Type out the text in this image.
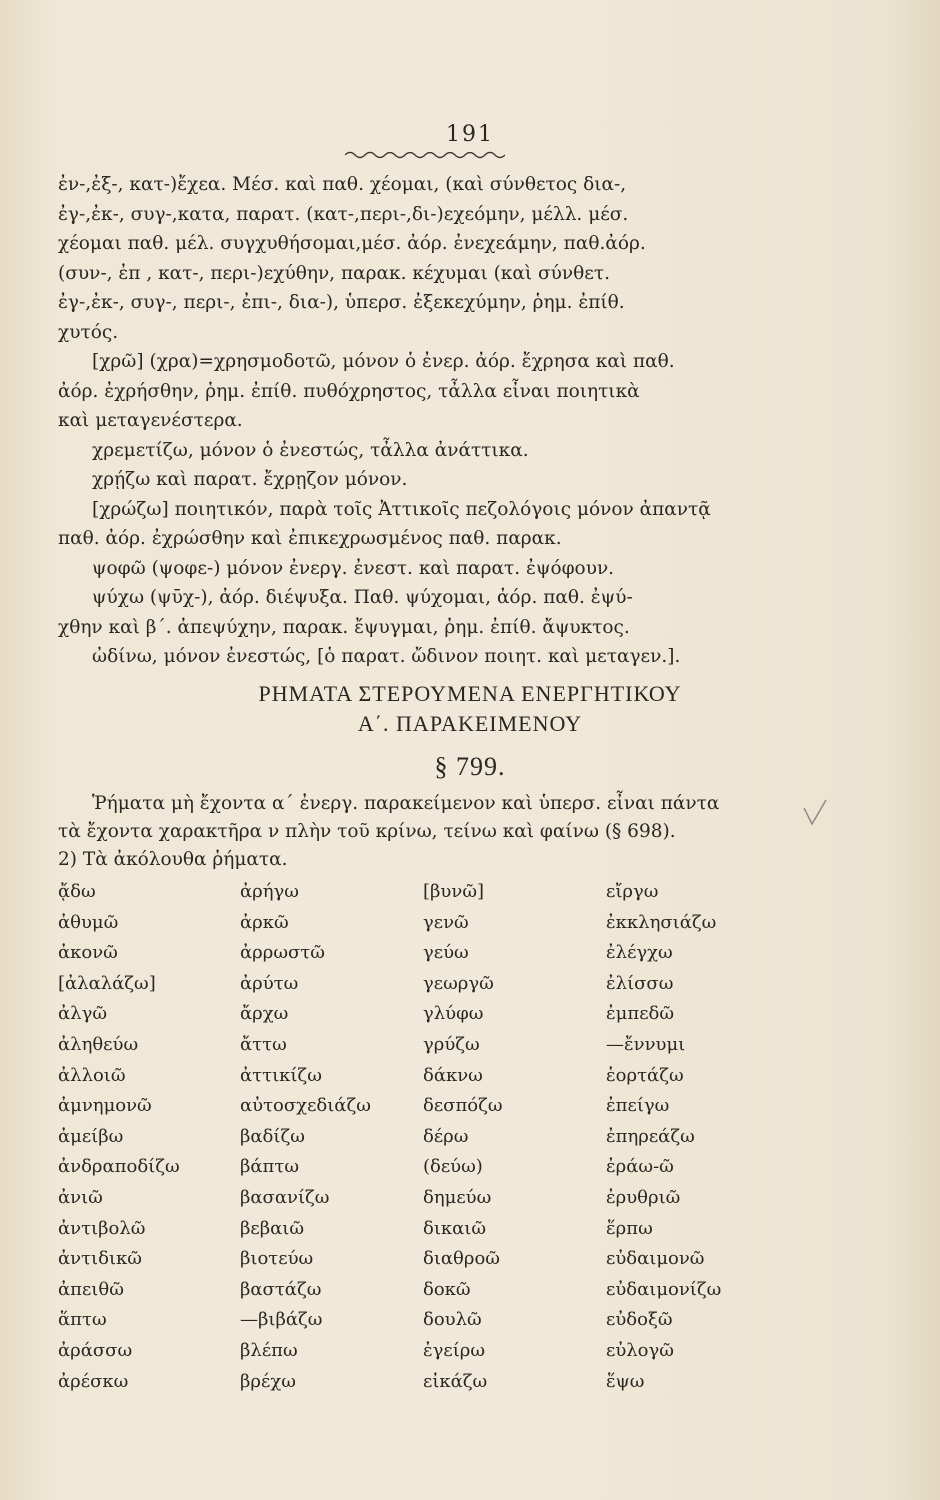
191

ἐν-,ἐξ-, κατ-)ἔχεα. Μέσ. καὶ παθ. χέομαι, (καὶ σύνθετος δια-,

ἐγ-,ἐκ-, συγ-,κατα, παρατ. (κατ-,περι-,δι-)εχεόμην, μέλλ. μέσ.

χέομαι παθ. μέλ. συγχυθήσομαι,μέσ. ἀόρ. ἐνεχεάμην, παθ.ἀόρ.

(συν-, ἐπ , κατ-, περι-)εχύθην, παρακ. κέχυμαι (καὶ σύνθετ.

ἐγ-,ἐκ-, συγ-, περι-, ἐπι-, δια-), ὑπερσ. ἐξεκεχύμην, ῥημ. ἐπίθ.

χυτός.

[χρῶ] (χρα)=χρησμοδοτῶ, μόνον ὁ ἐνερ. ἀόρ. ἔχρησα καὶ παθ.

ἀόρ. ἐχρήσθην, ῥημ. ἐπίθ. πυθόχρηστος, τἆλλα εἶναι ποιητικὰ

καὶ μεταγενέστερα.

χρεμετίζω, μόνον ὁ ἐνεστώς, τἆλλα ἀνάττικα.

χρῄζω καὶ παρατ. ἔχρῃζον μόνον.

[χρώζω] ποιητικόν, παρὰ τοῖς Ἀττικοῖς πεζολόγοις μόνον ἀπαντᾷ

παθ. ἀόρ. ἐχρώσθην καὶ ἐπικεχρωσμένος παθ. παρακ.

ψοφῶ (ψοφε-) μόνον ἐνεργ. ἐνεστ. καὶ παρατ. ἐψόφουν.

ψύχω (ψῡχ-), ἀόρ. διέψυξα. Παθ. ψύχομαι, ἀόρ. παθ. ἐψύ-

χθην καὶ β΄. ἀπεψύχην, παρακ. ἔψυγμαι, ῥημ. ἐπίθ. ἄψυκτος.

ὠδίνω, μόνον ἐνεστώς, [ὁ παρατ. ὤδινον ποιητ. καὶ μεταγεν.].

ΡΗΜΑΤΑ ΣΤΕΡΟΥΜΕΝΑ ΕΝΕΡΓΗΤΙΚΟΥ
Α΄. ΠΑΡΑΚΕΙΜΕΝΟΥ
§ 799.

Ῥήματα μὴ ἔχοντα α΄ ἐνεργ. παρακείμενον καὶ ὑπερσ. εἶναι πάντα

τὰ ἔχοντα χαρακτῆρα ν πλὴν τοῦ κρίνω, τείνω καὶ φαίνω (§ 698).

2) Τὰ ἀκόλουθα ῥήματα.

ᾄδω
ἀθυμῶ
ἀκονῶ
[ἀλαλάζω]
ἀλγῶ
ἀληθεύω
ἀλλοιῶ
ἀμνημονῶ
ἀμείβω
ἀνδραποδίζω
ἀνιῶ
ἀντιβολῶ
ἀντιδικῶ
ἀπειθῶ
ἅπτω
ἀράσσω
ἀρέσκω
ἀρήγω
ἀρκῶ
ἀρρωστῶ
ἀρύτω
ἄρχω
ἄττω
ἀττικίζω
αὐτοσχεδιάζω
βαδίζω
βάπτω
βασανίζω
βεβαιῶ
βιοτεύω
βαστάζω
—βιβάζω
βλέπω
βρέχω
[βυνῶ]
γενῶ
γεύω
γεωργῶ
γλύφω
γρύζω
δάκνω
δεσπόζω
δέρω
(δεύω)
δημεύω
δικαιῶ
διαθροῶ
δοκῶ
δουλῶ
ἐγείρω
εἰκάζω
εἴργω
ἐκκλησιάζω
ἐλέγχω
ἐλίσσω
ἐμπεδῶ
—ἔννυμι
ἑορτάζω
ἐπείγω
ἐπηρεάζω
ἐράω-ῶ
ἐρυθριῶ
ἕρπω
εὐδαιμονῶ
εὐδαιμονίζω
εὐδοξῶ
εὐλογῶ
ἕψω
